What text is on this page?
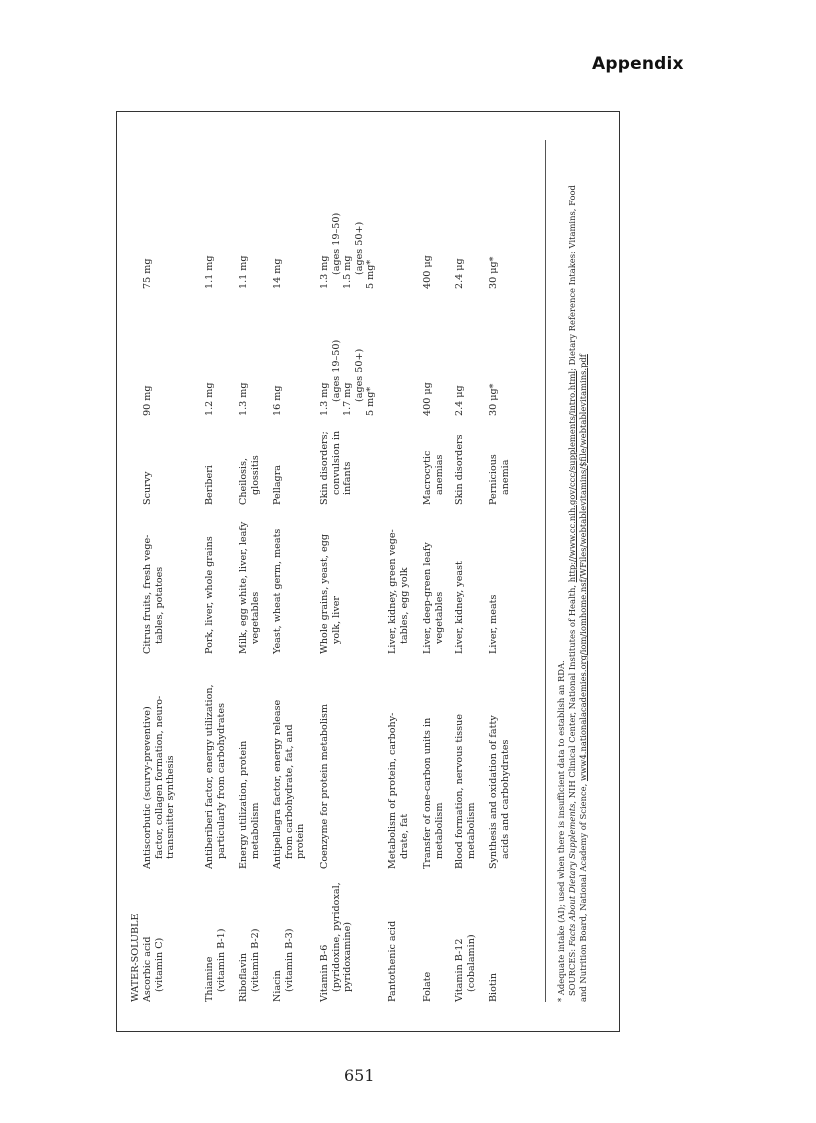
Appendix
651
WATER-SOLUBLE	* Adequate intake (AI); used when there is insufficient data to establish an RDA. SOURCES: Facts About Dietary Supplements, NIH Clinical Center, National Institutes of Health, http://www.cc.nih.gov/ccc/supplements/intro.html; Dietary Reference Intakes: Vitamins, Food
and Nutrition Board, National Academy of Science, www4.nationalacademies.org/iom/iomhome.nsf/WFiles/webtablevitamins/$file/webtablevitamins.pdf
Ascorbic acid (vitamin C)
Antiscorbutic (scurvy-preventive) factor, collagen formation, neuro- transmitter synthesis
Citrus fruits, fresh vege- tables, potatoes
Scurvy
90 mg
75 mg
Thiamine (vitamin B-1)
Antiberiberi factor, energy utilization, particularly from carbohydrates
Pork, liver, whole grains
Beriberi
1.2 mg
1.1 mg
Riboflavin (vitamin B-2)
Energy utilization, protein metabolism
Milk, egg white, liver, leafy vegetables
Cheilosis, glossitis
1.3 mg
1.1 mg
Niacin (vitamin B-3)
Antipellagra factor, energy release from carbohydrate, fat, and protein
Yeast, wheat germ, meats
Pellagra
16 mg
14 mg
Vitamin B-6 (pyridoxine, pyridoxal, pyridoxamine)
Coenzyme for protein metabolism
Whole grains, yeast, egg yolk, liver
Skin disorders; convulsion in infants
1.3 mg (ages 19–50) 1.7 mg (ages 50+) 5 mg*
1.3 mg (ages 19–50) 1.5 mg (ages 50+) 5 mg*
Pantothenic acid
Metabolism of protein, carbohy- drate, fat
Liver, kidney, green vege- tables, egg yolk
Folate
Transfer of one-carbon units in metabolism
Liver, deep-green leafy vegetables
Macrocytic anemias
400 μg
400 μg
Vitamin B-12 (cobalamin)
Blood formation, nervous tissue metabolism
Liver, kidney, yeast
Skin disorders
2.4 μg
2.4 μg
Biotin
Synthesis and oxidation of fatty acids and carbohydrates
Liver, meats
Pernicious anemia
30 μg*
30 μg*
